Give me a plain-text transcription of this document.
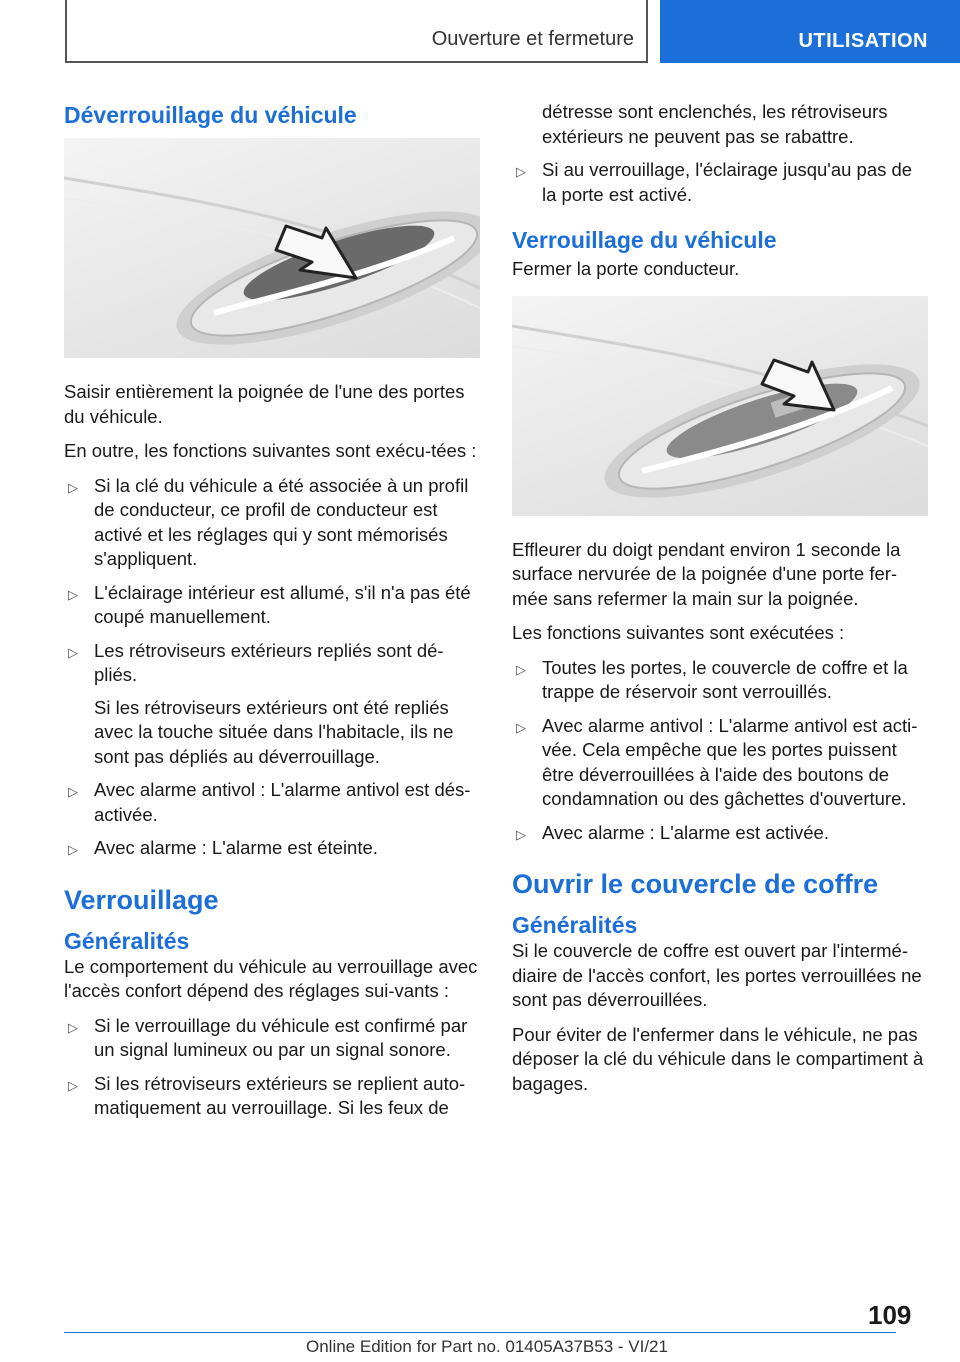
Ouverture et fermeture	UTILISATION
Déverrouillage du véhicule

Saisir entièrement la poignée de l'une des portes du véhicule.

En outre, les fonctions suivantes sont exécu-tées :

▷ Si la clé du véhicule a été associée à un profil de conducteur, ce profil de conducteur est activé et les réglages qui y sont mémorisés s'appliquent.
▷ L'éclairage intérieur est allumé, s'il n'a pas été coupé manuellement.
▷ Les rétroviseurs extérieurs repliés sont dé-pliés.
Si les rétroviseurs extérieurs ont été repliés avec la touche située dans l'habitacle, ils ne sont pas dépliés au déverrouillage.
▷ Avec alarme antivol : L'alarme antivol est dés-activée.
▷ Avec alarme : L'alarme est éteinte.
Verrouillage
Généralités

Le comportement du véhicule au verrouillage avec l'accès confort dépend des réglages sui-vants :

▷ Si le verrouillage du véhicule est confirmé par un signal lumineux ou par un signal sonore.
▷ Si les rétroviseurs extérieurs se replient auto-matiquement au verrouillage. Si les feux de
détresse sont enclenchés, les rétroviseurs extérieurs ne peuvent pas se rabattre.
▷ Si au verrouillage, l'éclairage jusqu'au pas de la porte est activé.
Verrouillage du véhicule

Fermer la porte conducteur.

Effleurer du doigt pendant environ 1 seconde la surface nervurée de la poignée d'une porte fer-mée sans refermer la main sur la poignée.

Les fonctions suivantes sont exécutées :

▷ Toutes les portes, le couvercle de coffre et la trappe de réservoir sont verrouillés.
▷ Avec alarme antivol : L'alarme antivol est acti-vée. Cela empêche que les portes puissent être déverrouillées à l'aide des boutons de condamnation ou des gâchettes d'ouverture.
▷ Avec alarme : L'alarme est activée.
Ouvrir le couvercle de coffre
Généralités

Si le couvercle de coffre est ouvert par l'intermé-diaire de l'accès confort, les portes verrouillées ne sont pas déverrouillées.

Pour éviter de l'enfermer dans le véhicule, ne pas déposer la clé du véhicule dans le compartiment à bagages.

109
Online Edition for Part no. 01405A37B53 - VI/21
